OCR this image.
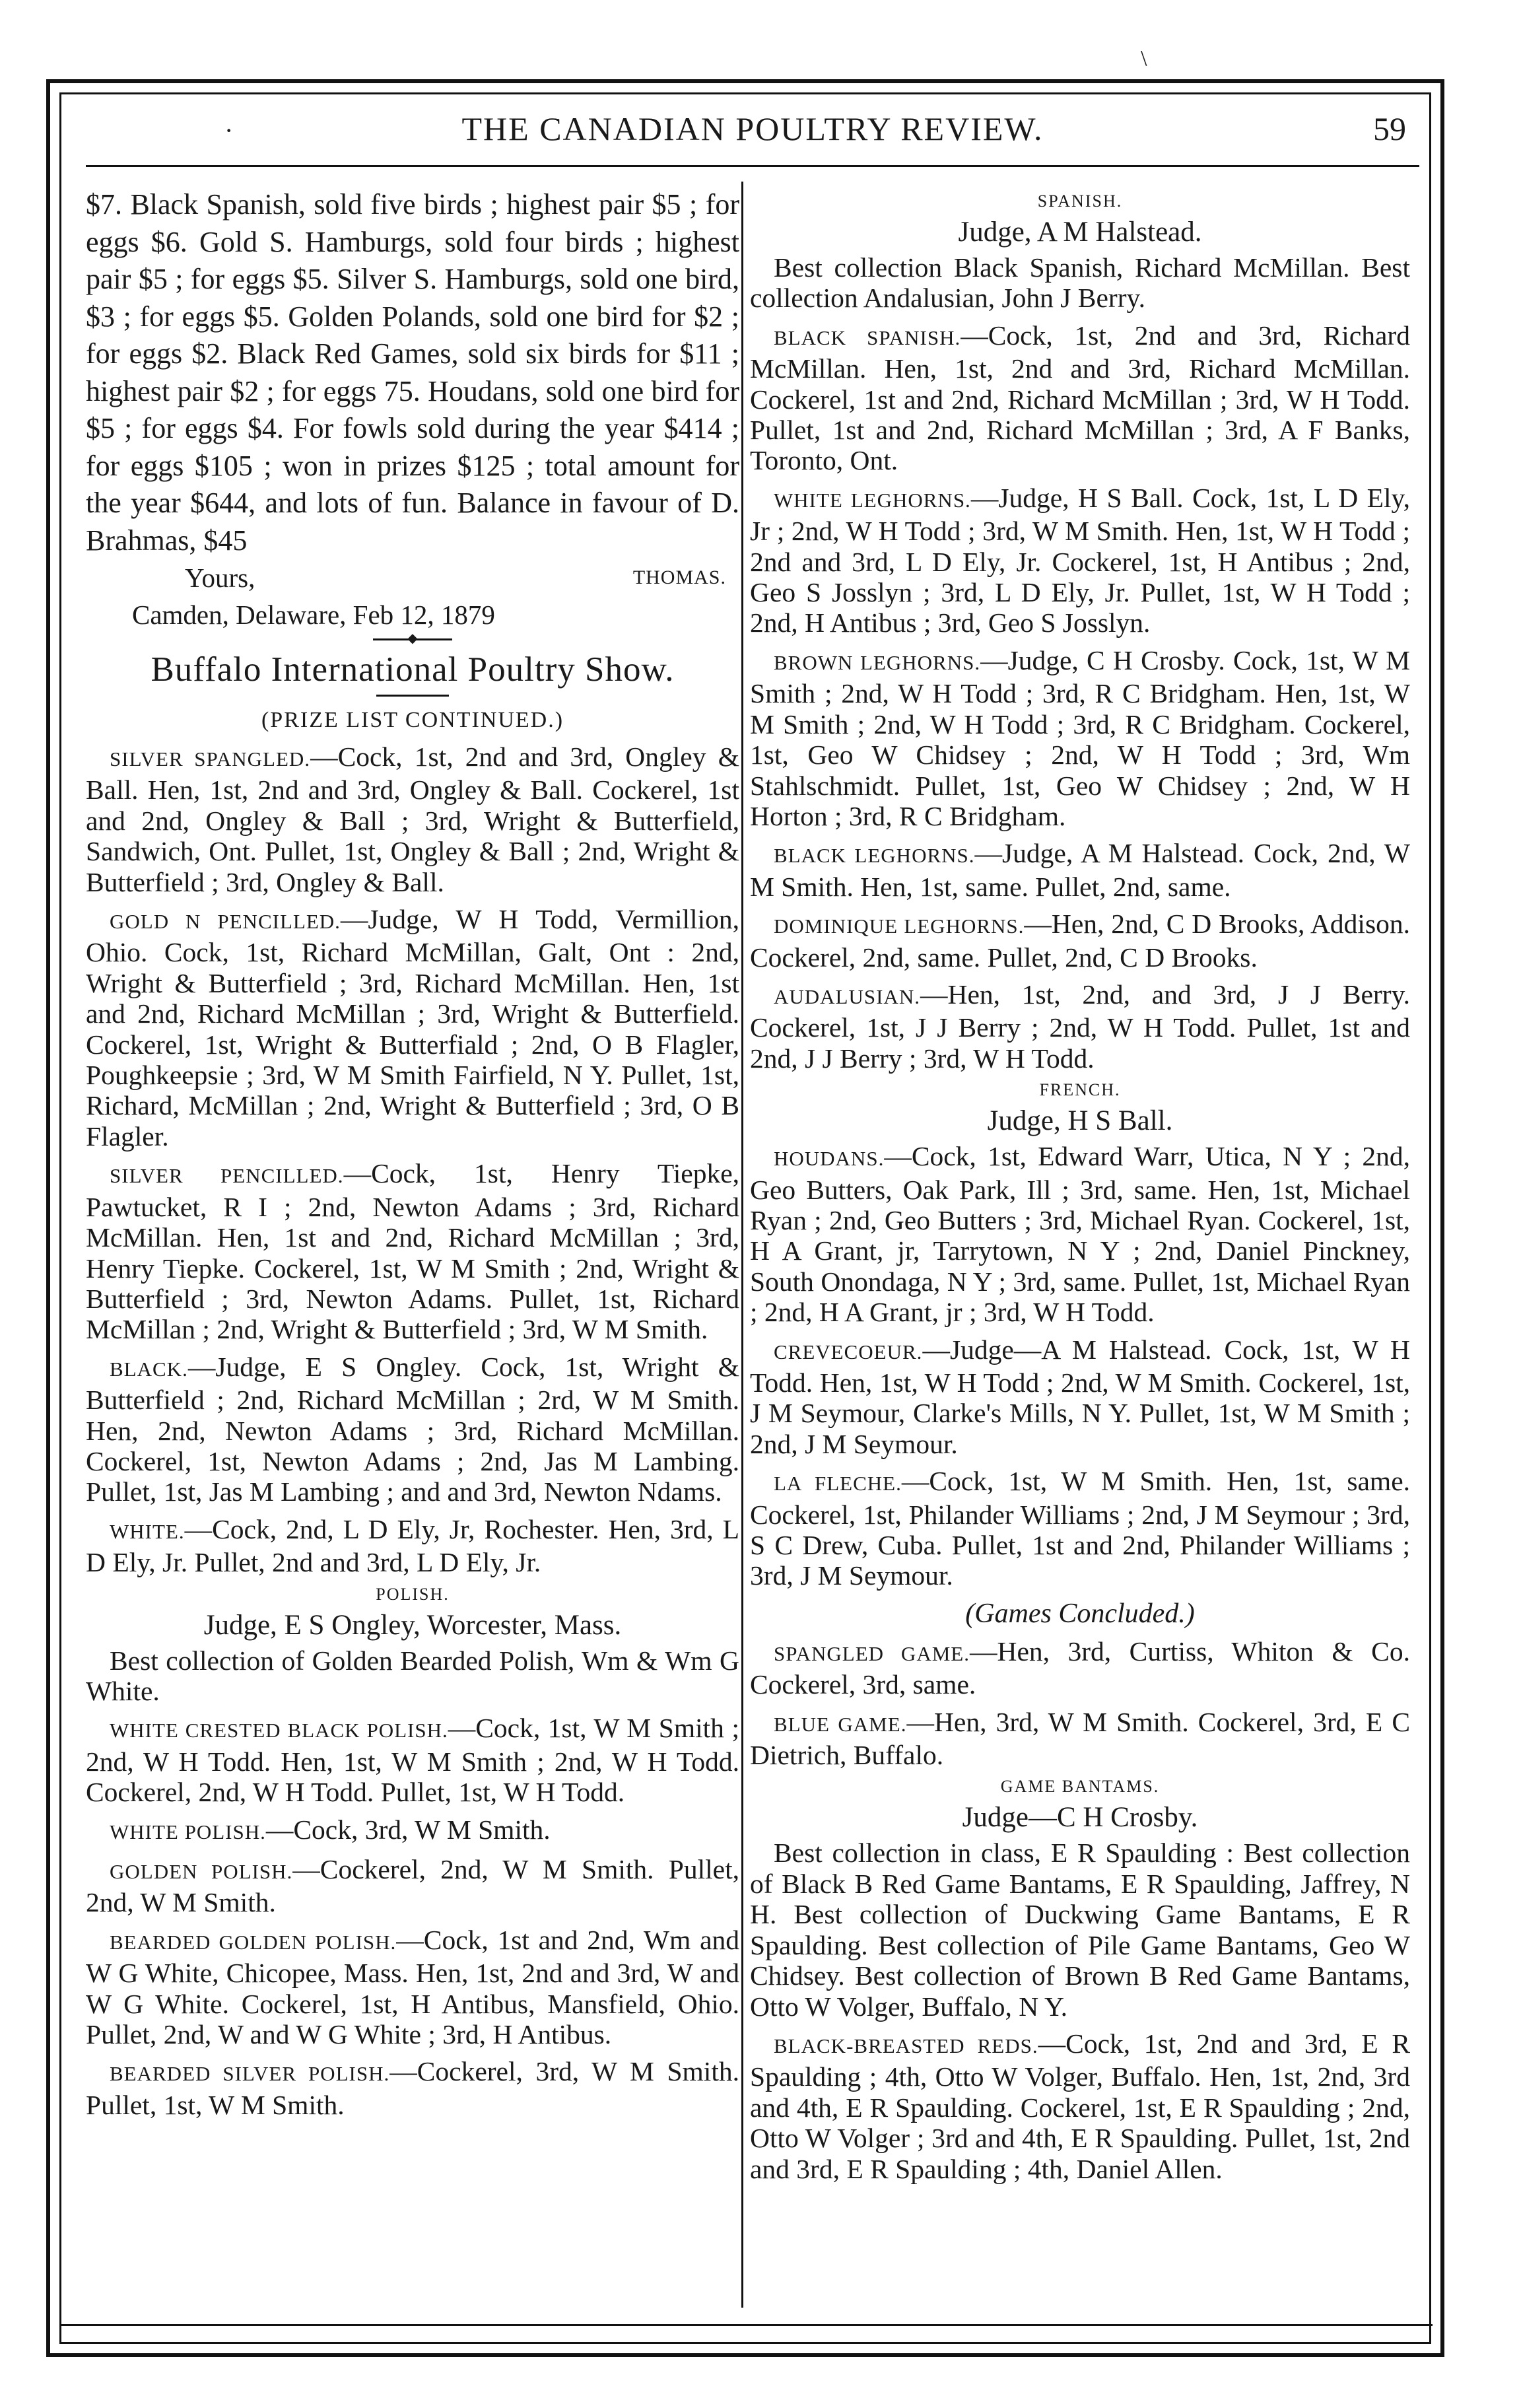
\
·	THE CANADIAN POULTRY REVIEW.	59

$7. Black Spanish, sold five birds ; highest pair $5 ; for eggs $6. Gold S. Hamburgs, sold four birds ; highest pair $5 ; for eggs $5. Silver S. Hamburgs, sold one bird, $3 ; for eggs $5. Golden Polands, sold one bird for $2 ; for eggs $2. Black Red Games, sold six birds for $11 ; highest pair $2 ; for eggs 75. Houdans, sold one bird for $5 ; for eggs $4. For fowls sold during the year $414 ; for eggs $105 ; won in prizes $125 ; total amount for the year $644, and lots of fun. Balance in favour of D. Brahmas, $45

Yours,	THOMAS.

Camden, Delaware, Feb 12, 1879

◆
Buffalo International Poultry Show.
(PRIZE LIST CONTINUED.)

SILVER SPANGLED.—Cock, 1st, 2nd and 3rd, Ongley & Ball. Hen, 1st, 2nd and 3rd, Ongley & Ball. Cockerel, 1st and 2nd, Ongley & Ball ; 3rd, Wright & Butterfield, Sandwich, Ont. Pullet, 1st, Ongley & Ball ; 2nd, Wright & Butterfield ; 3rd, Ongley & Ball.

GOLD N PENCILLED.—Judge, W H Todd, Vermillion, Ohio. Cock, 1st, Richard McMillan, Galt, Ont : 2nd, Wright & Butterfield ; 3rd, Richard McMillan. Hen, 1st and 2nd, Richard McMillan ; 3rd, Wright & Butterfield. Cockerel, 1st, Wright & Butterfiald ; 2nd, O B Flagler, Poughkeepsie ; 3rd, W M Smith Fairfield, N Y. Pullet, 1st, Richard, McMillan ; 2nd, Wright & Butterfield ; 3rd, O B Flagler.

SILVER PENCILLED.—Cock, 1st, Henry Tiepke, Pawtucket, R I ; 2nd, Newton Adams ; 3rd, Richard McMillan. Hen, 1st and 2nd, Richard McMillan ; 3rd, Henry Tiepke. Cockerel, 1st, W M Smith ; 2nd, Wright & Butterfield ; 3rd, Newton Adams. Pullet, 1st, Richard McMillan ; 2nd, Wright & Butterfield ; 3rd, W M Smith.

BLACK.—Judge, E S Ongley. Cock, 1st, Wright & Butterfield ; 2nd, Richard McMillan ; 2rd, W M Smith. Hen, 2nd, Newton Adams ; 3rd, Richard McMillan. Cockerel, 1st, Newton Adams ; 2nd, Jas M Lambing. Pullet, 1st, Jas M Lambing ; and and 3rd, Newton Ndams.

WHITE.—Cock, 2nd, L D Ely, Jr, Rochester. Hen, 3rd, L D Ely, Jr. Pullet, 2nd and 3rd, L D Ely, Jr.

POLISH.
Judge, E S Ongley, Worcester, Mass.

Best collection of Golden Bearded Polish, Wm & Wm G White.

WHITE CRESTED BLACK POLISH.—Cock, 1st, W M Smith ; 2nd, W H Todd. Hen, 1st, W M Smith ; 2nd, W H Todd. Cockerel, 2nd, W H Todd. Pullet, 1st, W H Todd.

WHITE POLISH.—Cock, 3rd, W M Smith.

GOLDEN POLISH.—Cockerel, 2nd, W M Smith. Pullet, 2nd, W M Smith.

BEARDED GOLDEN POLISH.—Cock, 1st and 2nd, Wm and W G White, Chicopee, Mass. Hen, 1st, 2nd and 3rd, W and W G White. Cockerel, 1st, H Antibus, Mansfield, Ohio. Pullet, 2nd, W and W G White ; 3rd, H Antibus.

BEARDED SILVER POLISH.—Cockerel, 3rd, W M Smith. Pullet, 1st, W M Smith.

SPANISH.
Judge, A M Halstead.

Best collection Black Spanish, Richard McMillan. Best collection Andalusian, John J Berry.

BLACK SPANISH.—Cock, 1st, 2nd and 3rd, Richard McMillan. Hen, 1st, 2nd and 3rd, Richard McMillan. Cockerel, 1st and 2nd, Richard McMillan ; 3rd, W H Todd. Pullet, 1st and 2nd, Richard McMillan ; 3rd, A F Banks, Toronto, Ont.

WHITE LEGHORNS.—Judge, H S Ball. Cock, 1st, L D Ely, Jr ; 2nd, W H Todd ; 3rd, W M Smith. Hen, 1st, W H Todd ; 2nd and 3rd, L D Ely, Jr. Cockerel, 1st, H Antibus ; 2nd, Geo S Josslyn ; 3rd, L D Ely, Jr. Pullet, 1st, W H Todd ; 2nd, H Antibus ; 3rd, Geo S Josslyn.

BROWN LEGHORNS.—Judge, C H Crosby. Cock, 1st, W M Smith ; 2nd, W H Todd ; 3rd, R C Bridgham. Hen, 1st, W M Smith ; 2nd, W H Todd ; 3rd, R C Bridgham. Cockerel, 1st, Geo W Chidsey ; 2nd, W H Todd ; 3rd, Wm Stahlschmidt. Pullet, 1st, Geo W Chidsey ; 2nd, W H Horton ; 3rd, R C Bridgham.

BLACK LEGHORNS.—Judge, A M Halstead. Cock, 2nd, W M Smith. Hen, 1st, same. Pullet, 2nd, same.

DOMINIQUE LEGHORNS.—Hen, 2nd, C D Brooks, Addison. Cockerel, 2nd, same. Pullet, 2nd, C D Brooks.

AUDALUSIAN.—Hen, 1st, 2nd, and 3rd, J J Berry. Cockerel, 1st, J J Berry ; 2nd, W H Todd. Pullet, 1st and 2nd, J J Berry ; 3rd, W H Todd.

FRENCH.
Judge, H S Ball.

HOUDANS.—Cock, 1st, Edward Warr, Utica, N Y ; 2nd, Geo Butters, Oak Park, Ill ; 3rd, same. Hen, 1st, Michael Ryan ; 2nd, Geo Butters ; 3rd, Michael Ryan. Cockerel, 1st, H A Grant, jr, Tarrytown, N Y ; 2nd, Daniel Pinckney, South Onondaga, N Y ; 3rd, same. Pullet, 1st, Michael Ryan ; 2nd, H A Grant, jr ; 3rd, W H Todd.

CREVECOEUR.—Judge—A M Halstead. Cock, 1st, W H Todd. Hen, 1st, W H Todd ; 2nd, W M Smith. Cockerel, 1st, J M Seymour, Clarke's Mills, N Y. Pullet, 1st, W M Smith ; 2nd, J M Seymour.

LA FLECHE.—Cock, 1st, W M Smith. Hen, 1st, same. Cockerel, 1st, Philander Williams ; 2nd, J M Seymour ; 3rd, S C Drew, Cuba. Pullet, 1st and 2nd, Philander Williams ; 3rd, J M Seymour.

(Games Concluded.)

SPANGLED GAME.—Hen, 3rd, Curtiss, Whiton & Co. Cockerel, 3rd, same.

BLUE GAME.—Hen, 3rd, W M Smith. Cockerel, 3rd, E C Dietrich, Buffalo.

GAME BANTAMS.
Judge—C H Crosby.

Best collection in class, E R Spaulding : Best collection of Black B Red Game Bantams, E R Spaulding, Jaffrey, N H. Best collection of Duckwing Game Bantams, E R Spaulding. Best collection of Pile Game Bantams, Geo W Chidsey. Best collection of Brown B Red Game Bantams, Otto W Volger, Buffalo, N Y.

BLACK-BREASTED REDS.—Cock, 1st, 2nd and 3rd, E R Spaulding ; 4th, Otto W Volger, Buffalo. Hen, 1st, 2nd, 3rd and 4th, E R Spaulding. Cockerel, 1st, E R Spaulding ; 2nd, Otto W Volger ; 3rd and 4th, E R Spaulding. Pullet, 1st, 2nd and 3rd, E R Spaulding ; 4th, Daniel Allen.
